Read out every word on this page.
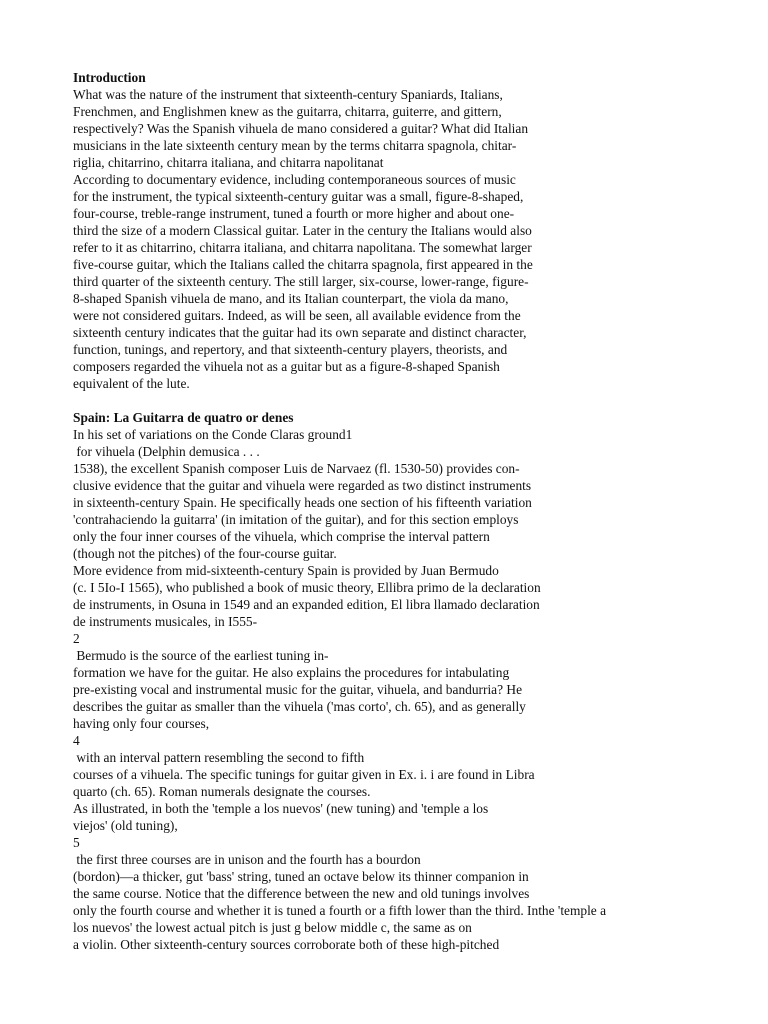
Introduction
What was the nature of the instrument that sixteenth-century Spaniards, Italians,
Frenchmen, and Englishmen knew as the guitarra, chitarra, guiterre, and gittern,
respectively? Was the Spanish vihuela de mano considered a guitar? What did Italian
musicians in the late sixteenth century mean by the terms chitarra spagnola, chitar-
riglia, chitarrino, chitarra italiana, and chitarra napolitanat
According to documentary evidence, including contemporaneous sources of music
for the instrument, the typical sixteenth-century guitar was a small, figure-8-shaped,
four-course, treble-range instrument, tuned a fourth or more higher and about one-
third the size of a modern Classical guitar. Later in the century the Italians would also
refer to it as chitarrino, chitarra italiana, and chitarra napolitana. The somewhat larger
five-course guitar, which the Italians called the chitarra spagnola, first appeared in the
third quarter of the sixteenth century. The still larger, six-course, lower-range, figure-
8-shaped Spanish vihuela de mano, and its Italian counterpart, the viola da mano,
were not considered guitars. Indeed, as will be seen, all available evidence from the
sixteenth century indicates that the guitar had its own separate and distinct character,
function, tunings, and repertory, and that sixteenth-century players, theorists, and
composers regarded the vihuela not as a guitar but as a figure-8-shaped Spanish
equivalent of the lute.
Spain: La Guitarra de quatro or denes
In his set of variations on the Conde Claras ground1
for vihuela (Delphin demusica . . .
1538), the excellent Spanish composer Luis de Narvaez (fl. 1530-50) provides con-
clusive evidence that the guitar and vihuela were regarded as two distinct instruments
in sixteenth-century Spain. He specifically heads one section of his fifteenth variation
'contrahaciendo la guitarra' (in imitation of the guitar), and for this section employs
only the four inner courses of the vihuela, which comprise the interval pattern
(though not the pitches) of the four-course guitar.
More evidence from mid-sixteenth-century Spain is provided by Juan Bermudo
(c. I 5Io-I 1565), who published a book of music theory, Ellibra primo de la declaration
de instruments, in Osuna in 1549 and an expanded edition, El libra llamado declaration
de instruments musicales, in I555-
2
Bermudo is the source of the earliest tuning in-
formation we have for the guitar. He also explains the procedures for intabulating
pre-existing vocal and instrumental music for the guitar, vihuela, and bandurria? He
describes the guitar as smaller than the vihuela ('mas corto', ch. 65), and as generally
having only four courses,
4
with an interval pattern resembling the second to fifth
courses of a vihuela. The specific tunings for guitar given in Ex. i. i are found in Libra
quarto (ch. 65). Roman numerals designate the courses.
As illustrated, in both the 'temple a los nuevos' (new tuning) and 'temple a los
viejos' (old tuning),
5
the first three courses are in unison and the fourth has a bourdon
(bordon)—a thicker, gut 'bass' string, tuned an octave below its thinner companion in
the same course. Notice that the difference between the new and old tunings involves
only the fourth course and whether it is tuned a fourth or a fifth lower than the third. Inthe 'temple a
los nuevos' the lowest actual pitch is just g below middle c, the same as on
a violin. Other sixteenth-century sources corroborate both of these high-pitched
